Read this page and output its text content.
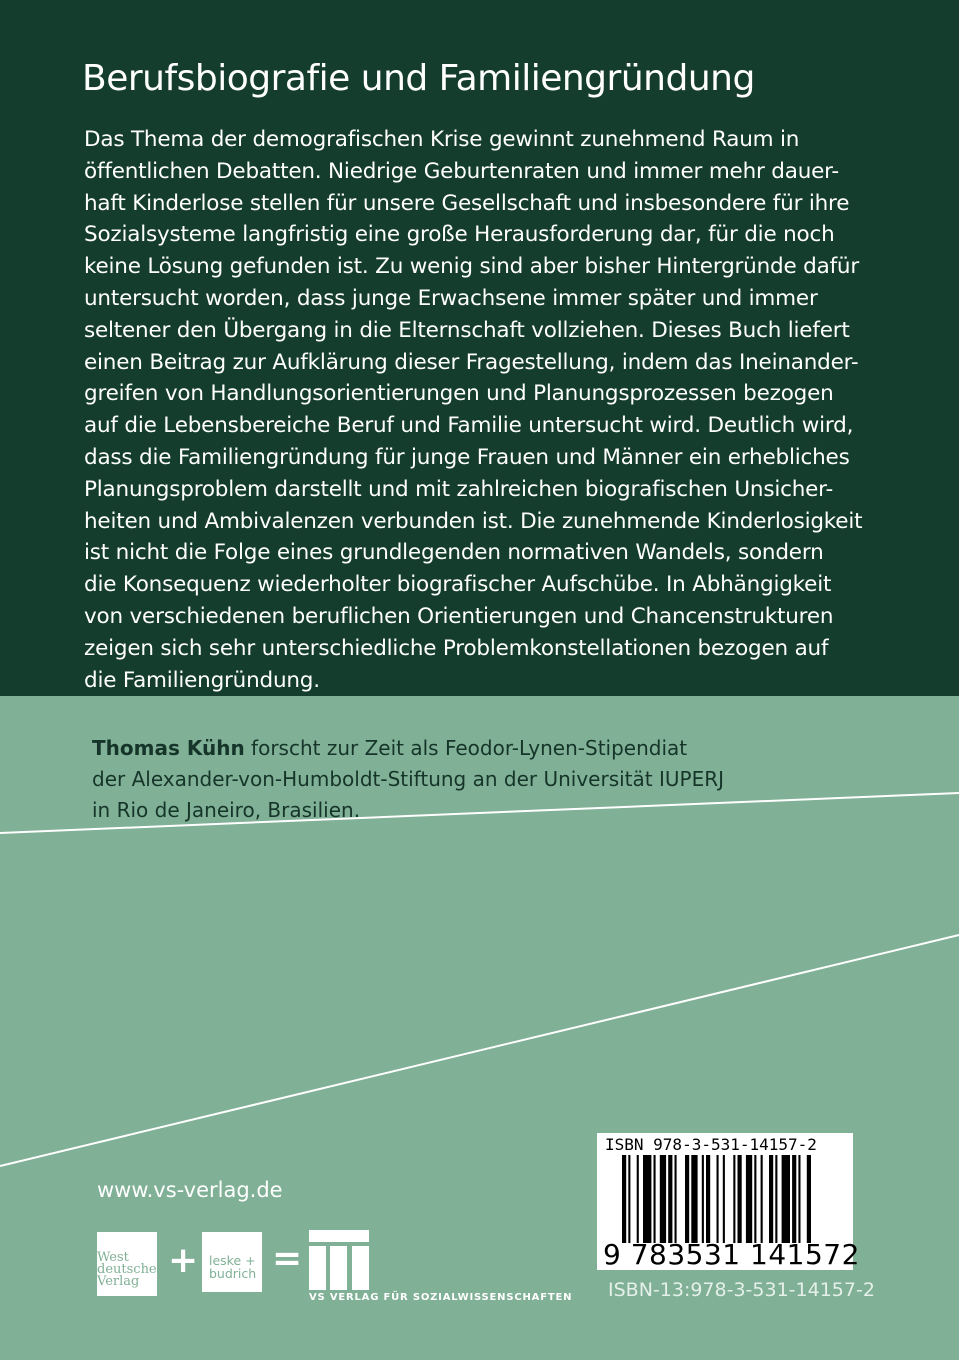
Berufsbiografie und Familiengründung
Das Thema der demografischen Krise gewinnt zunehmend Raum in
öffentlichen Debatten. Niedrige Geburtenraten und immer mehr dauer-
haft Kinderlose stellen für unsere Gesellschaft und insbesondere für ihre
Sozialsysteme langfristig eine große Herausforderung dar, für die noch
keine Lösung gefunden ist. Zu wenig sind aber bisher Hintergründe dafür
untersucht worden, dass junge Erwachsene immer später und immer
seltener den Übergang in die Elternschaft vollziehen. Dieses Buch liefert
einen Beitrag zur Aufklärung dieser Fragestellung, indem das Ineinander-
greifen von Handlungsorientierungen und Planungsprozessen bezogen
auf die Lebensbereiche Beruf und Familie untersucht wird. Deutlich wird,
dass die Familiengründung für junge Frauen und Männer ein erhebliches
Planungsproblem darstellt und mit zahlreichen biografischen Unsicher-
heiten und Ambivalenzen verbunden ist. Die zunehmende Kinderlosigkeit
ist nicht die Folge eines grundlegenden normativen Wandels, sondern
die Konsequenz wiederholter biografischer Aufschübe. In Abhängigkeit
von verschiedenen beruflichen Orientierungen und Chancenstrukturen
zeigen sich sehr unterschiedliche Problemkonstellationen bezogen auf
die Familiengründung.
Thomas Kühn forscht zur Zeit als Feodor-Lynen-Stipendiat
der Alexander-von-Humboldt-Stiftung an der Universität IUPERJ
in Rio de Janeiro, Brasilien.
www.vs-verlag.de
West
deutscher
Verlag
+ leske +
budrich =
VS VERLAG FÜR SOZIALWISSENSCHAFTEN
ISBN 978-3-531-14157-2
9 783531 141572
ISBN-13:978-3-531-14157-2
